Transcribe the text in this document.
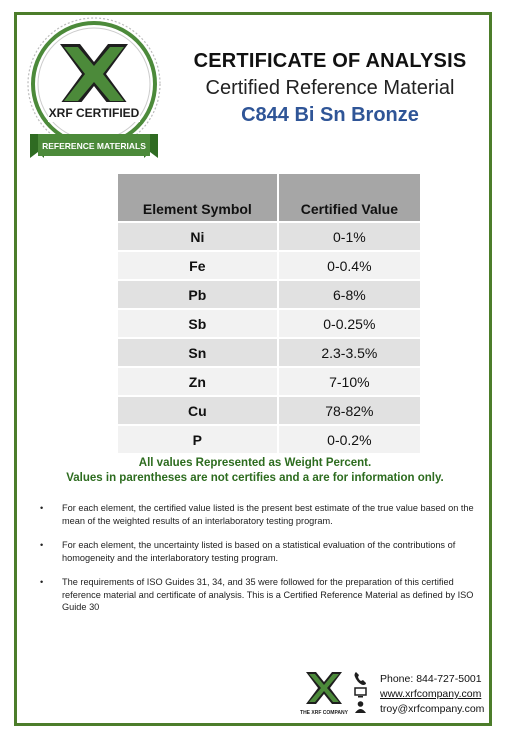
XRF CERTIFIED
REFERENCE MATERIALS
CERTIFICATE OF ANALYSIS
Certified Reference Material
C844 Bi Sn Bronze
Element Symbol	Certified Value
Ni	0-1%
Fe	0-0.4%
Pb	6-8%
Sb	0-0.25%
Sn	2.3-3.5%
Zn	7-10%
Cu	78-82%
P	0-0.2%
All values Represented as Weight Percent.
Values in parentheses are not certifies and a are for information only.
• For each element, the certified value listed is the present best estimate of the true value based on the mean of the weighted results of an interlaboratory testing program.
• For each element, the uncertainty listed is based on a statistical evaluation of the contributions of homogeneity and the interlaboratory testing program.
• The requirements of ISO Guides 31, 34, and 35 were followed for the preparation of this certified reference material and certificate of analysis. This is a Certified Reference Material as defined by ISO Guide 30
THE XRF COMPANY
Phone: 844-727-5001
www.xrfcompany.com
troy@xrfcompany.com
